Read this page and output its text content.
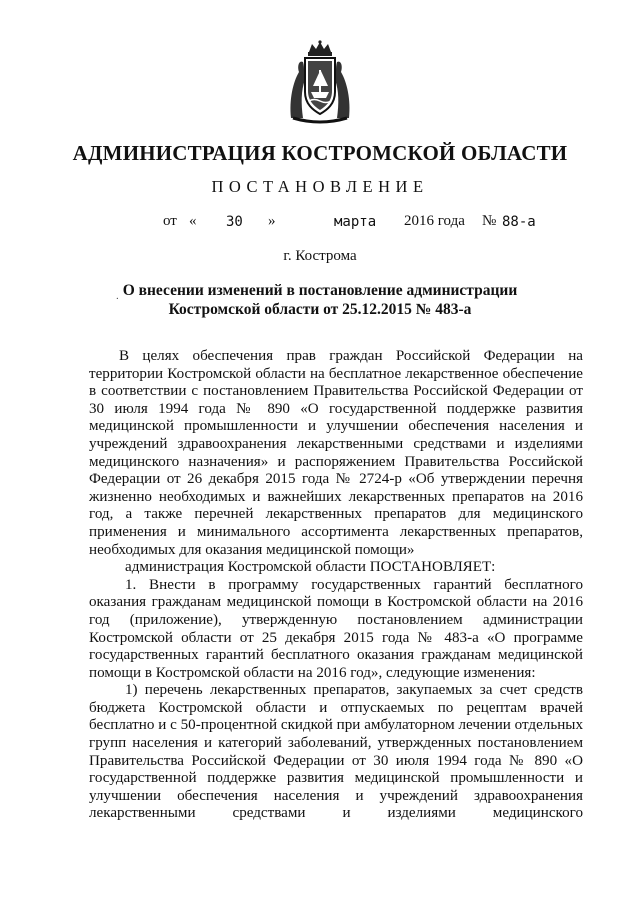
АДМИНИСТРАЦИЯ КОСТРОМСКОЙ ОБЛАСТИ
ПОСТАНОВЛЕНИЕ
от « 30 »	марта 2016 года № 88-а
г. Кострома
. О внесении изменений в постановление администрации
Костромской области от 25.12.2015 № 483-а

В целях обеспечения прав граждан Российской Федерации на территории Костромской области на бесплатное лекарственное обеспечение в соответствии с постановлением Правительства Российской Федерации от 30 июля 1994 года № 890 «О государственной поддержке развития медицинской промышленности и улучшении обеспечения населения и учреждений здравоохранения лекарственными средствами и изделиями медицинского назначения» и распоряжением Правительства Российской Федерации от 26 декабря 2015 года № 2724-р «Об утверждении перечня жизненно необходимых и важнейших лекарственных препаратов на 2016 год, а также перечней лекарственных препаратов для медицинского применения и минимального ассортимента лекарственных препаратов, необходимых для оказания медицинской помощи»

администрация Костромской области ПОСТАНОВЛЯЕТ:

1. Внести в программу государственных гарантий бесплатного оказания гражданам медицинской помощи в Костромской области на 2016 год (приложение), утвержденную постановлением администрации Костромской области от 25 декабря 2015 года № 483-а «О программе государственных гарантий бесплатного оказания гражданам медицинской помощи в Костромской области на 2016 год», следующие изменения:

1) перечень лекарственных препаратов, закупаемых за счет средств бюджета Костромской области и отпускаемых по рецептам врачей бесплатно и с 50-процентной скидкой при амбулаторном лечении отдельных групп населения и категорий заболеваний, утвержденных постановлением Правительства Российской Федерации от 30 июля 1994 года № 890 «О государственной поддержке развития медицинской промышленности и улучшении обеспечения населения и учреждений здравоохранения лекарственными средствами и изделиями медицинского
